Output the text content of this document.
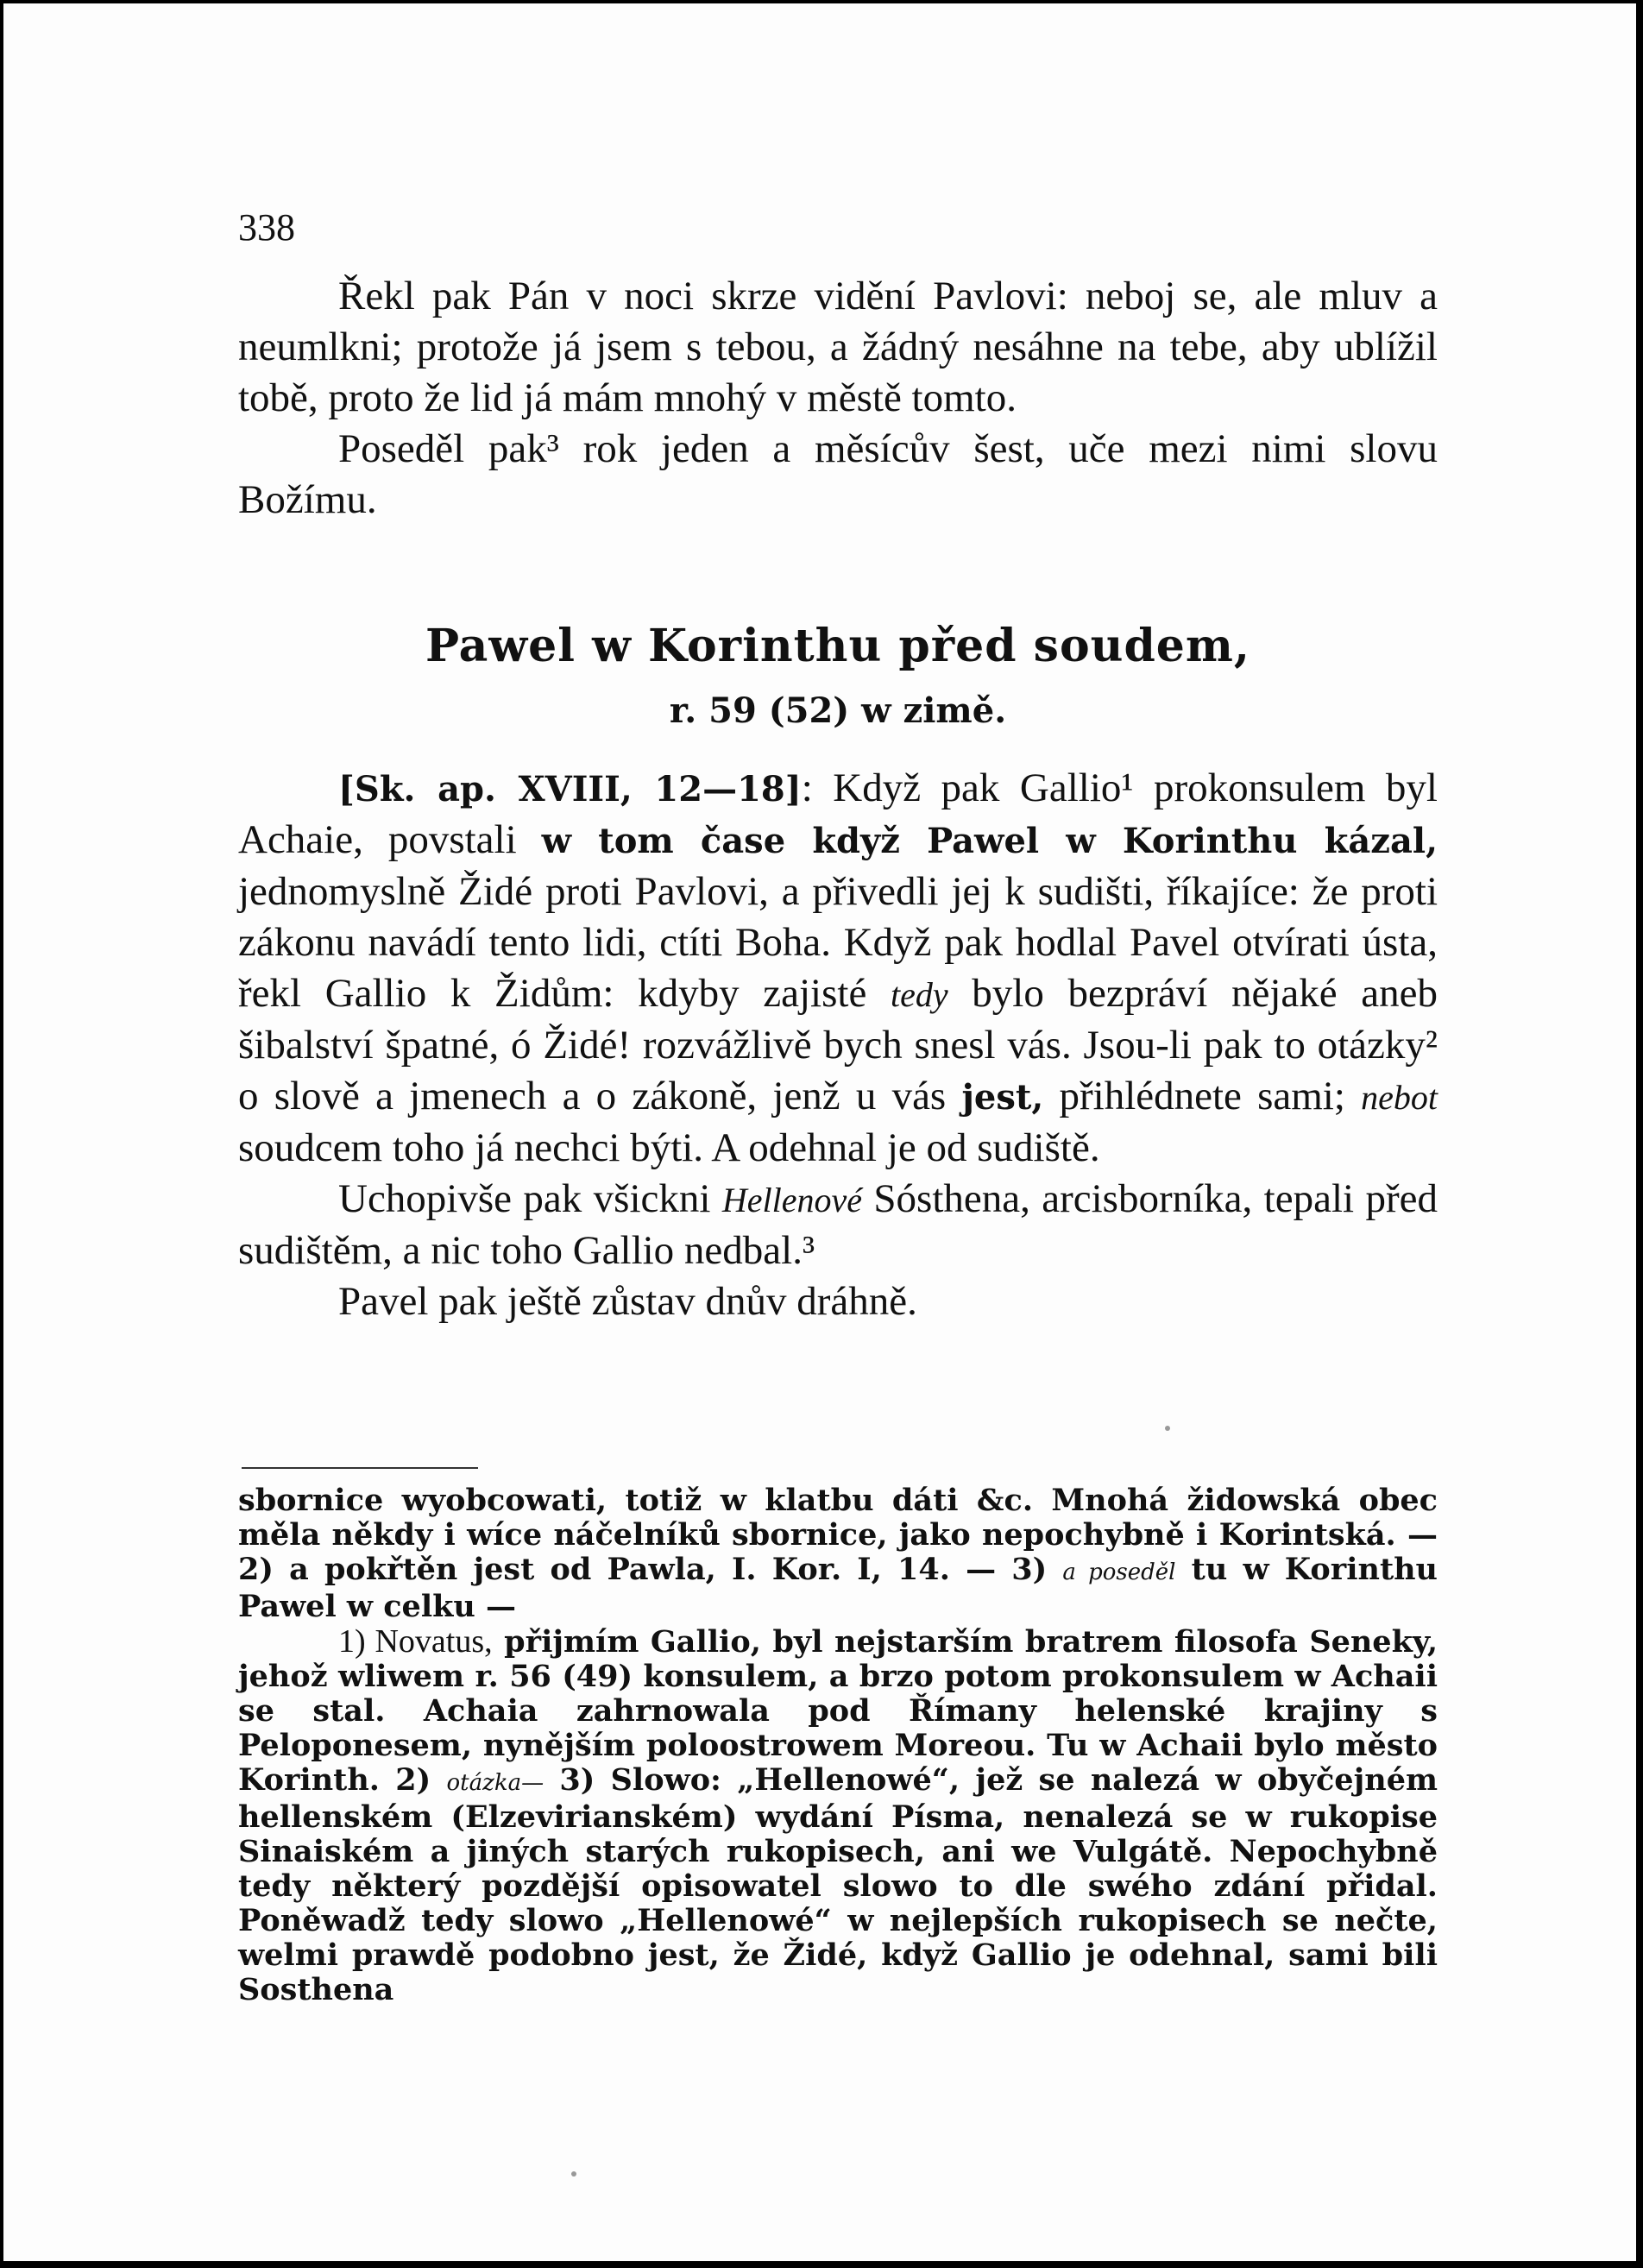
338

Řekl pak Pán v noci skrze vidění Pavlovi: neboj se, ale mluv a neumlkni; protože já jsem s tebou, a žádný nesáhne na tebe, aby ublížil tobě, proto že lid já mám mnohý v městě tomto.

Poseděl pak³ rok jeden a měsícův šest, uče mezi nimi slovu Božímu.

Pawel w Korinthu před soudem,
r. 59 (52) w zimě.

[Sk. ap. XVIII, 12—18]: Když pak Gallio¹ prokonsulem byl Achaie, povstali w tom čase když Pawel w Korinthu kázal, jednomyslně Židé proti Pavlovi, a přivedli jej k sudišti, říkajíce: že proti zákonu navádí tento lidi, ctíti Boha. Když pak hodlal Pavel otvírati ústa, řekl Gallio k Židům: kdyby zajisté tedy bylo bezpráví nějaké aneb šibalství špatné, ó Židé! rozvážlivě bych snesl vás. Jsou-li pak to otázky² o slově a jmenech a o zákoně, jenž u vás jest, přihlédnete sami; nebot soudcem toho já nechci býti. A odehnal je od sudiště.

Uchopivše pak všickni Hellenové Sósthena, arcisborníka, tepali před sudištěm, a nic toho Gallio nedbal.³

Pavel pak ještě zůstav dnův dráhně.

sbornice wyobcowati, totiž w klatbu dáti &c. Mnohá židowská obec měla někdy i wíce náčelníků sbornice, jako nepochybně i Korintská. — 2) a pokřtěn jest od Pawla, I. Kor. I, 14. — 3) a poseděl tu w Korinthu Pawel w celku —

1) Novatus, přijmím Gallio, byl nejstarším bratrem filosofa Seneky, jehož wliwem r. 56 (49) konsulem, a brzo potom prokonsulem w Achaii se stal. Achaia zahrnowala pod Římany helenské krajiny s Peloponesem, nynějším poloostrowem Moreou. Tu w Achaii bylo město Korinth. 2) otázka— 3) Slowo: „Hellenowé“, jež se nalezá w obyčejném hellenském (Elzevirianském) wydání Písma, nenalezá se w rukopise Sinaiském a jiných starých rukopisech, ani we Vulgátě. Nepochybně tedy některý pozdější opisowatel slowo to dle swého zdání přidal. Poněwadž tedy slowo „Hellenowé“ w nejlepších rukopisech se nečte, welmi prawdě podobno jest, že Židé, když Gallio je odehnal, sami bili Sosthena
